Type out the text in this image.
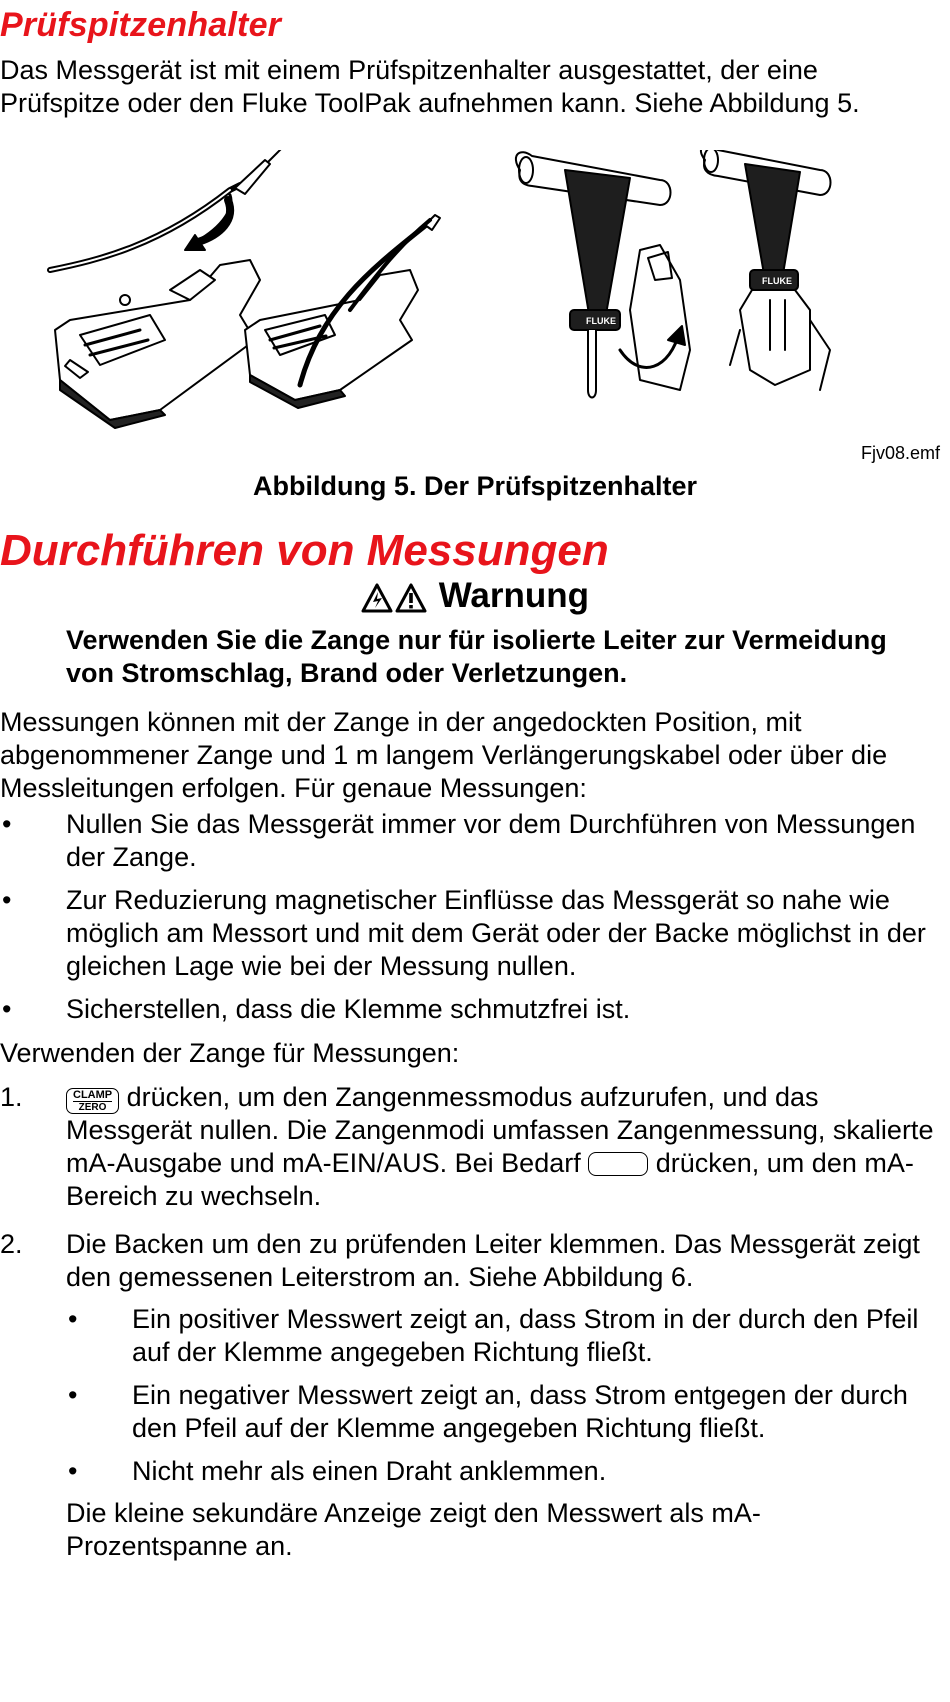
Prüfspitzenhalter

Das Messgerät ist mit einem Prüfspitzenhalter ausgestattet, der eine Prüfspitze oder den Fluke ToolPak aufnehmen kann. Siehe Abbildung 5.

FLUKE
FLUKE
Fjv08.emf

Abbildung 5. Der Prüfspitzenhalter

Durchführen von Messungen

Warnung

Verwenden Sie die Zange nur für isolierte Leiter zur Vermeidung von Stromschlag, Brand oder Verletzungen.

Messungen können mit der Zange in der angedockten Position, mit abgenommener Zange und 1 m langem Verlängerungskabel oder über die Messleitungen erfolgen. Für genaue Messungen:

• Nullen Sie das Messgerät immer vor dem Durchführen von Messungen der Zange.
• Zur Reduzierung magnetischer Einflüsse das Messgerät so nahe wie möglich am Messort und mit dem Gerät oder der Backe möglichst in der gleichen Lage wie bei der Messung nullen.
• Sicherstellen, dass die Klemme schmutzfrei ist.

Verwenden der Zange für Messungen:

1.	CLAMP
ZERO drücken, um den Zangenmessmodus aufzurufen, und das Messgerät nullen. Die Zangenmodi umfassen Zangenmessung, skalierte mA-Ausgabe und mA-EIN/AUS. Bei Bedarf  drücken, um den mA-Bereich zu wechseln.
2. Die Backen um den zu prüfenden Leiter klemmen. Das Messgerät zeigt den gemessenen Leiterstrom an. Siehe Abbildung 6.
• Ein positiver Messwert zeigt an, dass Strom in der durch den Pfeil auf der Klemme angegeben Richtung fließt.
• Ein negativer Messwert zeigt an, dass Strom entgegen der durch den Pfeil auf der Klemme angegeben Richtung fließt.
• Nicht mehr als einen Draht anklemmen.

Die kleine sekundäre Anzeige zeigt den Messwert als mA-Prozentspanne an.
